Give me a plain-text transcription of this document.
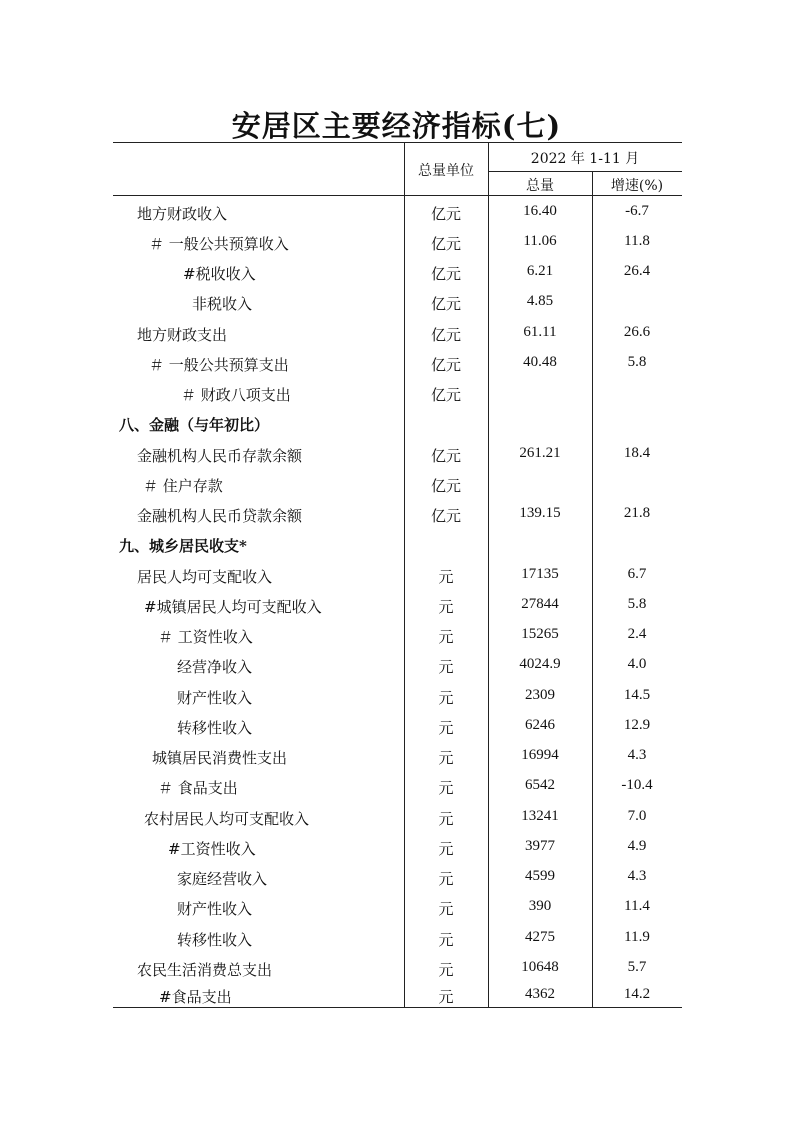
安居区主要经济指标(七)
总量单位
2022 年 1-11 月
总量	增速(%)
地方财政收入	亿元	16.40	-6.7
＃ 一般公共预算收入	亿元	11.06	11.8
#税收收入	亿元	6.21	26.4
非税收入	亿元	4.85
地方财政支出	亿元	61.11	26.6
＃ 一般公共预算支出	亿元	40.48	5.8
＃ 财政八项支出	亿元
八、金融（与年初比）
金融机构人民币存款余额	亿元	261.21	18.4
＃ 住户存款	亿元
金融机构人民币贷款余额	亿元	139.15	21.8
九、城乡居民收支*
居民人均可支配收入	元	17135	6.7
#城镇居民人均可支配收入	元	27844	5.8
＃ 工资性收入	元	15265	2.4
经营净收入	元	4024.9	4.0
财产性收入	元	2309	14.5
转移性收入	元	6246	12.9
城镇居民消费性支出	元	16994	4.3
＃ 食品支出	元	6542	-10.4
农村居民人均可支配收入	元	13241	7.0
#工资性收入	元	3977	4.9
家庭经营收入	元	4599	4.3
财产性收入	元	390	11.4
转移性收入	元	4275	11.9
农民生活消费总支出	元	10648	5.7
#食品支出	元	4362	14.2
